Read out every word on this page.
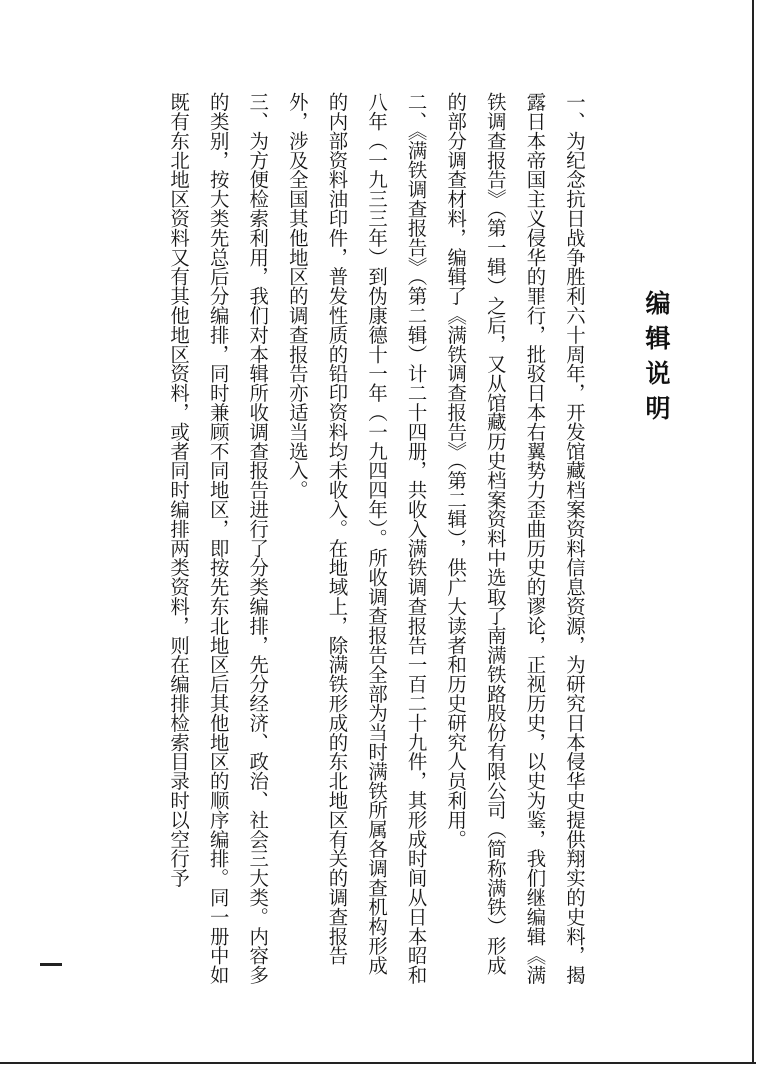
编辑说明

一、为纪念抗日战争胜利六十周年，开发馆藏档案资料信息资源，为研究日本侵华史提供翔实的史料，揭露日本帝国主义侵华的罪行，批驳日本右翼势力歪曲历史的谬论，正视历史，以史为鉴，我们继编辑《满铁调查报告》（第一辑）之后，又从馆藏历史档案资料中选取了南满铁路股份有限公司（简称满铁）形成的部分调查材料，编辑了《满铁调查报告》（第二辑），供广大读者和历史研究人员利用。

二、《满铁调查报告》（第二辑）计二十四册，共收入满铁调查报告一百二十九件，其形成时间从日本昭和八年（一九三三年）到伪康德十一年（一九四四年）。所收调查报告全部为当时满铁所属各调查机构形成的内部资料油印件，普发性质的铅印资料均未收入。在地域上，除满铁形成的东北地区有关的调查报告外，涉及全国其他地区的调查报告亦适当选入。

三、为方便检索利用，我们对本辑所收调查报告进行了分类编排，先分经济、政治、社会三大类。内容多的类别，按大类先总后分编排，同时兼顾不同地区，即按先东北地区后其他地区的顺序编排。同一册中如既有东北地区资料又有其他地区资料，或者同时编排两类资料，则在编排检索目录时以空行予
